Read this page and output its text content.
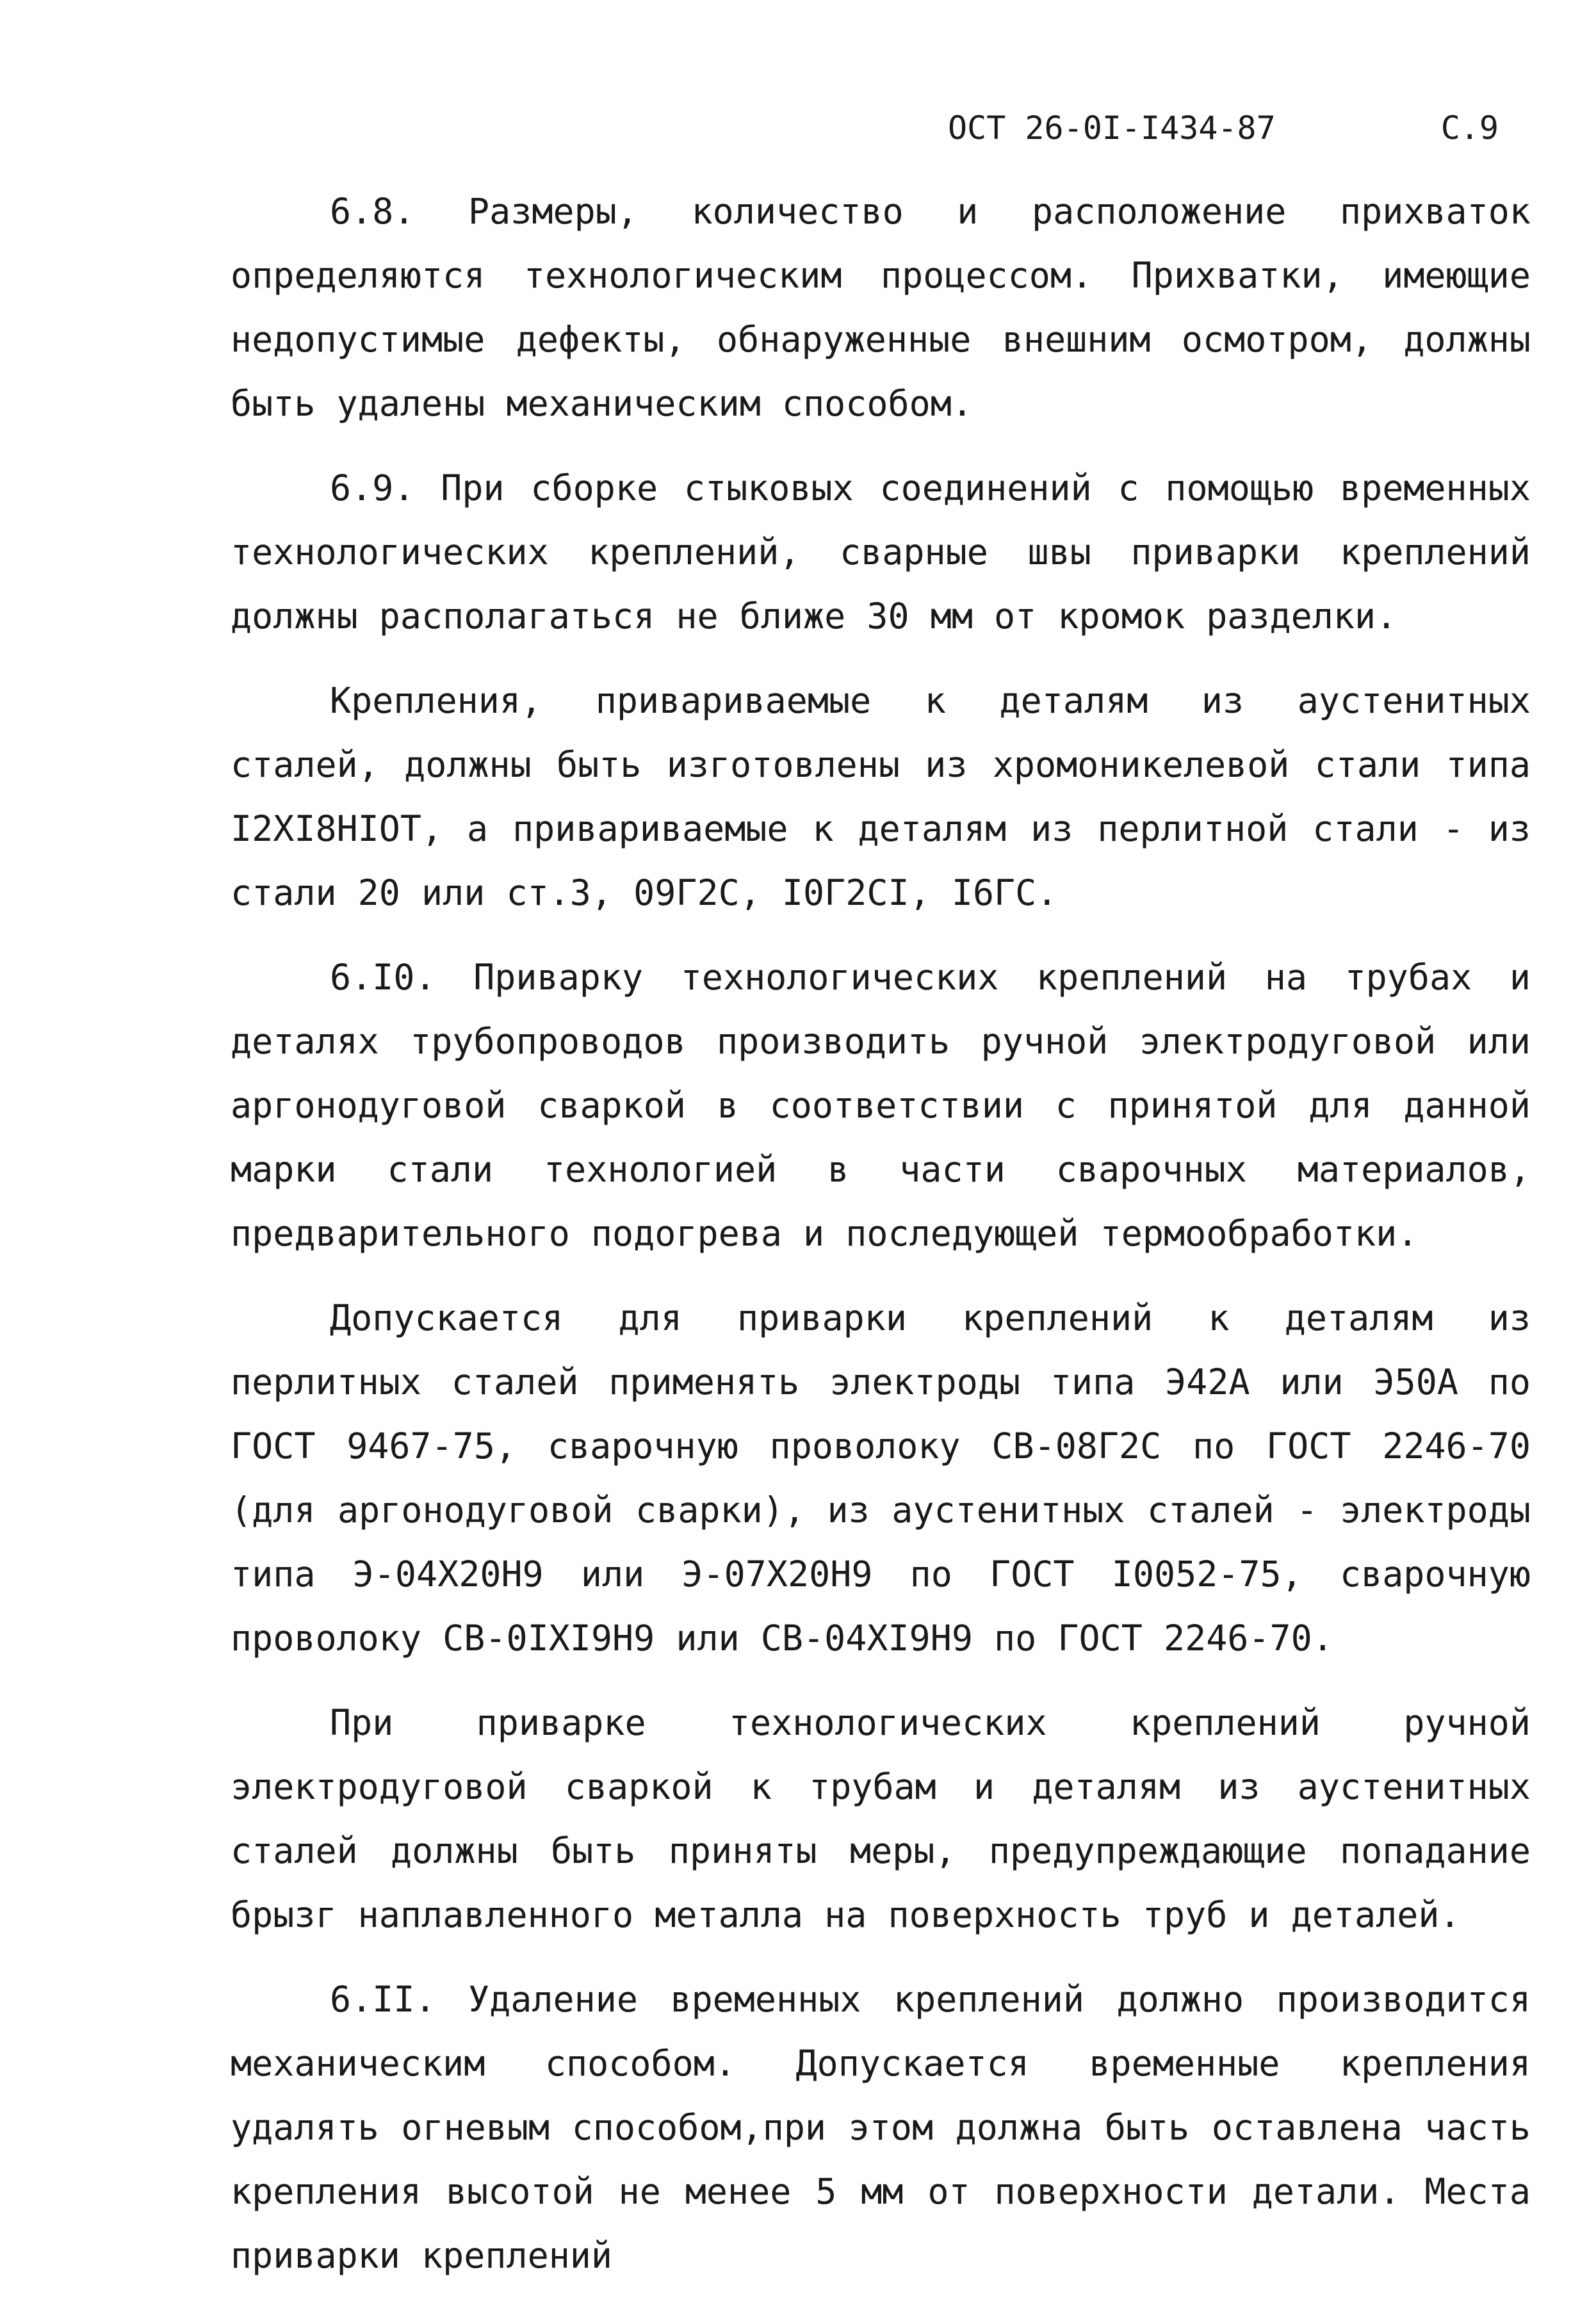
ОСТ 26-0I-I434-87	С.9

6.8. Размеры, количество и расположение прихваток определяются технологическим процессом. Прихватки, имеющие недопустимые дефекты, обнаруженные внешним осмотром, должны быть удалены механическим способом.

6.9. При сборке стыковых соединений с помощью временных технологических креплений, сварные швы приварки креплений должны располагаться не ближе 30 мм от кромок разделки.

Крепления, привариваемые к деталям из аустенитных сталей, должны быть изготовлены из хромоникелевой стали типа I2XI8HIOT, а привариваемые к деталям из перлитной стали - из стали 20 или ст.3, 09Г2С, I0Г2СI, I6ГС.

6.I0. Приварку технологических креплений на трубах и деталях трубопроводов производить ручной электродуговой или аргонодуговой сваркой в соответствии с принятой для данной марки стали технологией в части сварочных материалов, предварительного подогрева и последующей термообработки.

Допускается для приварки креплений к деталям из перлитных сталей применять электроды типа Э42А или Э50А по ГОСТ 9467-75, сварочную проволоку СВ-08Г2С по ГОСТ 2246-70 (для аргонодуговой сварки), из аустенитных сталей - электроды типа Э-04Х20Н9 или Э-07Х20Н9 по ГОСТ I0052-75, сварочную проволоку СВ-0IXI9H9 или СВ-04XI9H9 по ГОСТ 2246-70.

При приварке технологических креплений ручной электродуговой сваркой к трубам и деталям из аустенитных сталей должны быть приняты меры, предупреждающие попадание брызг наплавленного металла на поверхность труб и деталей.

6.II. Удаление временных креплений должно производится механическим способом. Допускается временные крепления удалять огневым способом,при этом должна быть оставлена часть крепления высотой не менее 5 мм от поверхности детали. Места приварки креплений
